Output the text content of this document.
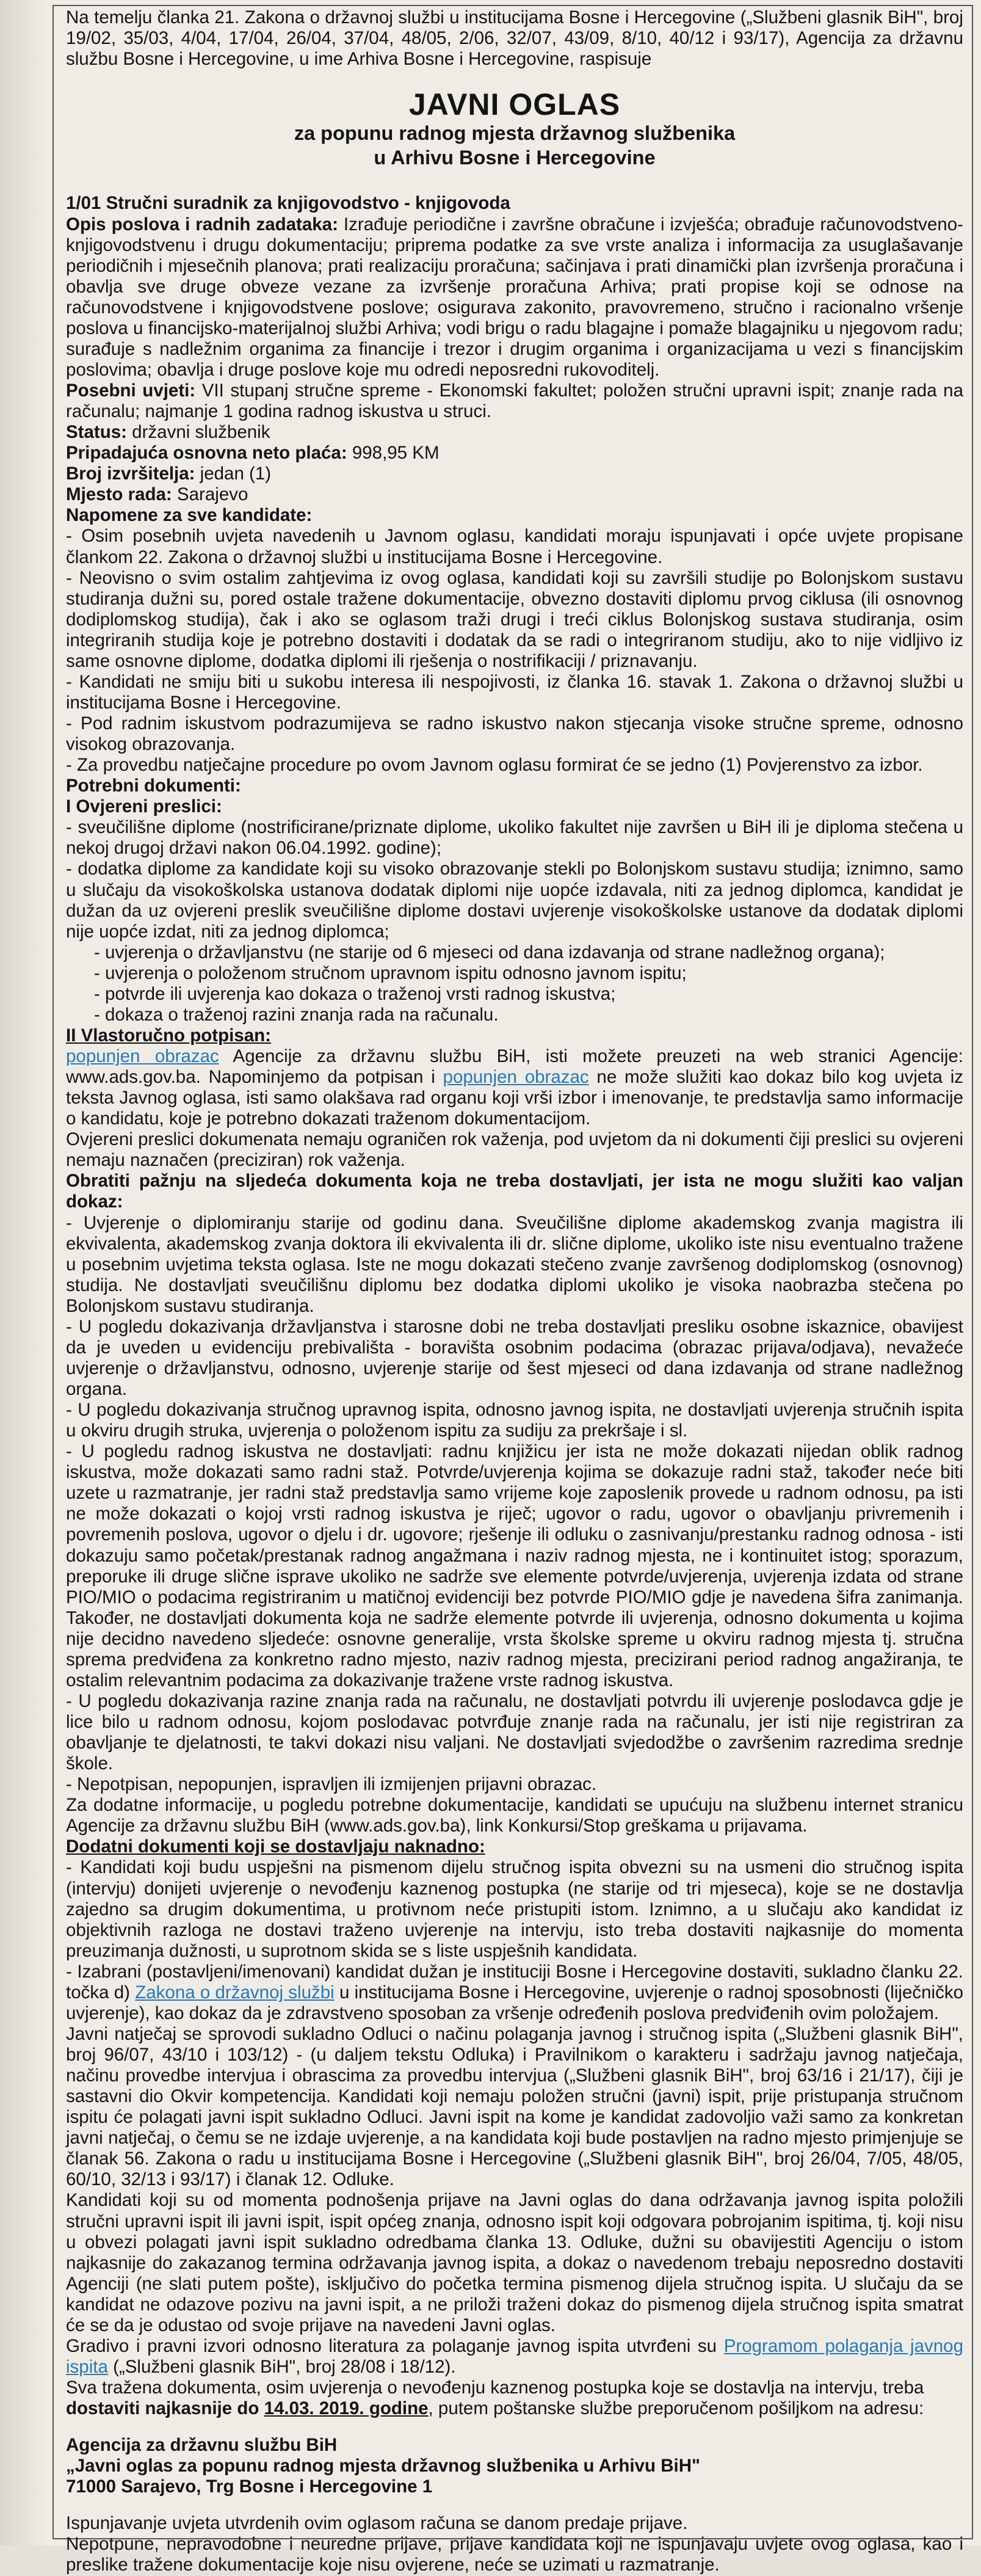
Na temelju članka 21. Zakona o državnoj službi u institucijama Bosne i Hercegovine („Službeni glasnik BiH", broj 19/02, 35/03, 4/04, 17/04, 26/04, 37/04, 48/05, 2/06, 32/07, 43/09, 8/10, 40/12 i 93/17), Agencija za državnu službu Bosne i Hercegovine, u ime Arhiva Bosne i Hercegovine, raspisuje

JAVNI OGLAS
za popunu radnog mjesta državnog službenika
u Arhivu Bosne i Hercegovine

1/01 Stručni suradnik za knjigovodstvo - knjigovoda

Opis poslova i radnih zadataka: Izrađuje periodične i završne obračune i izvješća; obrađuje računovodstveno-knjigovodstvenu i drugu dokumentaciju; priprema podatke za sve vrste analiza i informacija za usuglašavanje periodičnih i mjesečnih planova; prati realizaciju proračuna; sačinjava i prati dinamički plan izvršenja proračuna i obavlja sve druge obveze vezane za izvršenje proračuna Arhiva; prati propise koji se odnose na računovodstvene i knjigovodstvene poslove; osigurava zakonito, pravovremeno, stručno i racionalno vršenje poslova u financijsko-materijalnoj službi Arhiva; vodi brigu o radu blagajne i pomaže blagajniku u njegovom radu; surađuje s nadležnim organima za financije i trezor i drugim organima i organizacijama u vezi s financijskim poslovima; obavlja i druge poslove koje mu odredi neposredni rukovoditelj.

Posebni uvjeti: VII stupanj stručne spreme - Ekonomski fakultet; položen stručni upravni ispit; znanje rada na računalu; najmanje 1 godina radnog iskustva u struci.

Status: državni službenik

Pripadajuća osnovna neto plaća: 998,95 KM

Broj izvršitelja: jedan (1)

Mjesto rada: Sarajevo

Napomene za sve kandidate:

- Osim posebnih uvjeta navedenih u Javnom oglasu, kandidati moraju ispunjavati i opće uvjete propisane člankom 22. Zakona o državnoj službi u institucijama Bosne i Hercegovine.

- Neovisno o svim ostalim zahtjevima iz ovog oglasa, kandidati koji su završili studije po Bolonjskom sustavu studiranja dužni su, pored ostale tražene dokumentacije, obvezno dostaviti diplomu prvog ciklusa (ili osnovnog dodiplomskog studija), čak i ako se oglasom traži drugi i treći ciklus Bolonjskog sustava studiranja, osim integriranih studija koje je potrebno dostaviti i dodatak da se radi o integriranom studiju, ako to nije vidljivo iz same osnovne diplome, dodatka diplomi ili rješenja o nostrifikaciji / priznavanju.

- Kandidati ne smiju biti u sukobu interesa ili nespojivosti, iz članka 16. stavak 1. Zakona o državnoj službi u institucijama Bosne i Hercegovine.

- Pod radnim iskustvom podrazumijeva se radno iskustvo nakon stjecanja visoke stručne spreme, odnosno visokog obrazovanja.

- Za provedbu natječajne procedure po ovom Javnom oglasu formirat će se jedno (1) Povjerenstvo za izbor.

Potrebni dokumenti:

I Ovjereni preslici:

- sveučilišne diplome (nostrificirane/priznate diplome, ukoliko fakultet nije završen u BiH ili je diploma stečena u nekoj drugoj državi nakon 06.04.1992. godine);

- dodatka diplome za kandidate koji su visoko obrazovanje stekli po Bolonjskom sustavu studija; iznimno, samo u slučaju da visokoškolska ustanova dodatak diplomi nije uopće izdavala, niti za jednog diplomca, kandidat je dužan da uz ovjereni preslik sveučilišne diplome dostavi uvjerenje visokoškolske ustanove da dodatak diplomi nije uopće izdat, niti za jednog diplomca;

- uvjerenja o državljanstvu (ne starije od 6 mjeseci od dana izdavanja od strane nadležnog organa);

- uvjerenja o položenom stručnom upravnom ispitu odnosno javnom ispitu;

- potvrde ili uvjerenja kao dokaza o traženoj vrsti radnog iskustva;

- dokaza o traženoj razini znanja rada na računalu.

II Vlastoručno potpisan:

popunjen obrazac Agencije za državnu službu BiH, isti možete preuzeti na web stranici Agencije: www.ads.gov.ba. Napominjemo da potpisan i popunjen obrazac ne može služiti kao dokaz bilo kog uvjeta iz teksta Javnog oglasa, isti samo olakšava rad organu koji vrši izbor i imenovanje, te predstavlja samo informacije o kandidatu, koje je potrebno dokazati traženom dokumentacijom.

Ovjereni preslici dokumenata nemaju ograničen rok važenja, pod uvjetom da ni dokumenti čiji preslici su ovjereni nemaju naznačen (preciziran) rok važenja.

Obratiti pažnju na sljedeća dokumenta koja ne treba dostavljati, jer ista ne mogu služiti kao valjan dokaz:

- Uvjerenje o diplomiranju starije od godinu dana. Sveučilišne diplome akademskog zvanja magistra ili ekvivalenta, akademskog zvanja doktora ili ekvivalenta ili dr. slične diplome, ukoliko iste nisu eventualno tražene u posebnim uvjetima teksta oglasa. Iste ne mogu dokazati stečeno zvanje završenog dodiplomskog (osnovnog) studija. Ne dostavljati sveučilišnu diplomu bez dodatka diplomi ukoliko je visoka naobrazba stečena po Bolonjskom sustavu studiranja.

- U pogledu dokazivanja državljanstva i starosne dobi ne treba dostavljati presliku osobne iskaznice, obavijest da je uveden u evidenciju prebivališta - boravišta osobnim podacima (obrazac prijava/odjava), nevažeće uvjerenje o državljanstvu, odnosno, uvjerenje starije od šest mjeseci od dana izdavanja od strane nadležnog organa.

- U pogledu dokazivanja stručnog upravnog ispita, odnosno javnog ispita, ne dostavljati uvjerenja stručnih ispita u okviru drugih struka, uvjerenja o položenom ispitu za sudiju za prekršaje i sl.

- U pogledu radnog iskustva ne dostavljati: radnu knjižicu jer ista ne može dokazati nijedan oblik radnog iskustva, može dokazati samo radni staž. Potvrde/uvjerenja kojima se dokazuje radni staž, također neće biti uzete u razmatranje, jer radni staž predstavlja samo vrijeme koje zaposlenik provede u radnom odnosu, pa isti ne može dokazati o kojoj vrsti radnog iskustva je riječ; ugovor o radu, ugovor o obavljanju privremenih i povremenih poslova, ugovor o djelu i dr. ugovore; rješenje ili odluku o zasnivanju/prestanku radnog odnosa - isti dokazuju samo početak/prestanak radnog angažmana i naziv radnog mjesta, ne i kontinuitet istog; sporazum, preporuke ili druge slične isprave ukoliko ne sadrže sve elemente potvrde/uvjerenja, uvjerenja izdata od strane PIO/MIO o podacima registriranim u matičnoj evidenciji bez potvrde PIO/MIO gdje je navedena šifra zanimanja. Također, ne dostavljati dokumenta koja ne sadrže elemente potvrde ili uvjerenja, odnosno dokumenta u kojima nije decidno navedeno sljedeće: osnovne generalije, vrsta školske spreme u okviru radnog mjesta tj. stručna sprema predviđena za konkretno radno mjesto, naziv radnog mjesta, precizirani period radnog angažiranja, te ostalim relevantnim podacima za dokazivanje tražene vrste radnog iskustva.

- U pogledu dokazivanja razine znanja rada na računalu, ne dostavljati potvrdu ili uvjerenje poslodavca gdje je lice bilo u radnom odnosu, kojom poslodavac potvrđuje znanje rada na računalu, jer isti nije registriran za obavljanje te djelatnosti, te takvi dokazi nisu valjani. Ne dostavljati svjedodžbe o završenim razredima srednje škole.

- Nepotpisan, nepopunjen, ispravljen ili izmijenjen prijavni obrazac.

Za dodatne informacije, u pogledu potrebne dokumentacije, kandidati se upućuju na službenu internet stranicu Agencije za državnu službu BiH (www.ads.gov.ba), link Konkursi/Stop greškama u prijavama.

Dodatni dokumenti koji se dostavljaju naknadno:

- Kandidati koji budu uspješni na pismenom dijelu stručnog ispita obvezni su na usmeni dio stručnog ispita (intervju) donijeti uvjerenje o nevođenju kaznenog postupka (ne starije od tri mjeseca), koje se ne dostavlja zajedno sa drugim dokumentima, u protivnom neće pristupiti istom. Iznimno, a u slučaju ako kandidat iz objektivnih razloga ne dostavi traženo uvjerenje na intervju, isto treba dostaviti najkasnije do momenta preuzimanja dužnosti, u suprotnom skida se s liste uspješnih kandidata.

- Izabrani (postavljeni/imenovani) kandidat dužan je instituciji Bosne i Hercegovine dostaviti, sukladno članku 22. točka d) Zakona o državnoj službi u institucijama Bosne i Hercegovine, uvjerenje o radnoj sposobnosti (liječničko uvjerenje), kao dokaz da je zdravstveno sposoban za vršenje određenih poslova predviđenih ovim položajem.

Javni natječaj se sprovodi sukladno Odluci o načinu polaganja javnog i stručnog ispita („Službeni glasnik BiH", broj 96/07, 43/10 i 103/12) - (u daljem tekstu Odluka) i Pravilnikom o karakteru i sadržaju javnog natječaja, načinu provedbe intervjua i obrascima za provedbu intervjua („Službeni glasnik BiH", broj 63/16 i 21/17), čiji je sastavni dio Okvir kompetencija. Kandidati koji nemaju položen stručni (javni) ispit, prije pristupanja stručnom ispitu će polagati javni ispit sukladno Odluci. Javni ispit na kome je kandidat zadovoljio važi samo za konkretan javni natječaj, o čemu se ne izdaje uvjerenje, a na kandidata koji bude postavljen na radno mjesto primjenjuje se članak 56. Zakona o radu u institucijama Bosne i Hercegovine („Službeni glasnik BiH", broj 26/04, 7/05, 48/05, 60/10, 32/13 i 93/17) i članak 12. Odluke.

Kandidati koji su od momenta podnošenja prijave na Javni oglas do dana održavanja javnog ispita položili stručni upravni ispit ili javni ispit, ispit općeg znanja, odnosno ispit koji odgovara pobrojanim ispitima, tj. koji nisu u obvezi polagati javni ispit sukladno odredbama članka 13. Odluke, dužni su obavijestiti Agenciju o istom najkasnije do zakazanog termina održavanja javnog ispita, a dokaz o navedenom trebaju neposredno dostaviti Agenciji (ne slati putem pošte), isključivo do početka termina pismenog dijela stručnog ispita. U slučaju da se kandidat ne odazove pozivu na javni ispit, a ne priloži traženi dokaz do pismenog dijela stručnog ispita smatrat će se da je odustao od svoje prijave na navedeni Javni oglas.

Gradivo i pravni izvori odnosno literatura za polaganje javnog ispita utvrđeni su Programom polaganja javnog ispita („Službeni glasnik BiH", broj 28/08 i 18/12).

Sva tražena dokumenta, osim uvjerenja o nevođenju kaznenog postupka koje se dostavlja na intervju, treba

dostaviti najkasnije do 14.03. 2019. godine, putem poštanske službe preporučenom pošiljkom na adresu:

Agencija za državnu službu BiH

„Javni oglas za popunu radnog mjesta državnog službenika u Arhivu BiH"

71000 Sarajevo, Trg Bosne i Hercegovine 1

Ispunjavanje uvjeta utvrdenih ovim oglasom računa se danom predaje prijave.

Nepotpune, nepravodobne i neuredne prijave, prijave kandidata koji ne ispunjavaju uvjete ovog oglasa, kao i preslike tražene dokumentacije koje nisu ovjerene, neće se uzimati u razmatranje.
